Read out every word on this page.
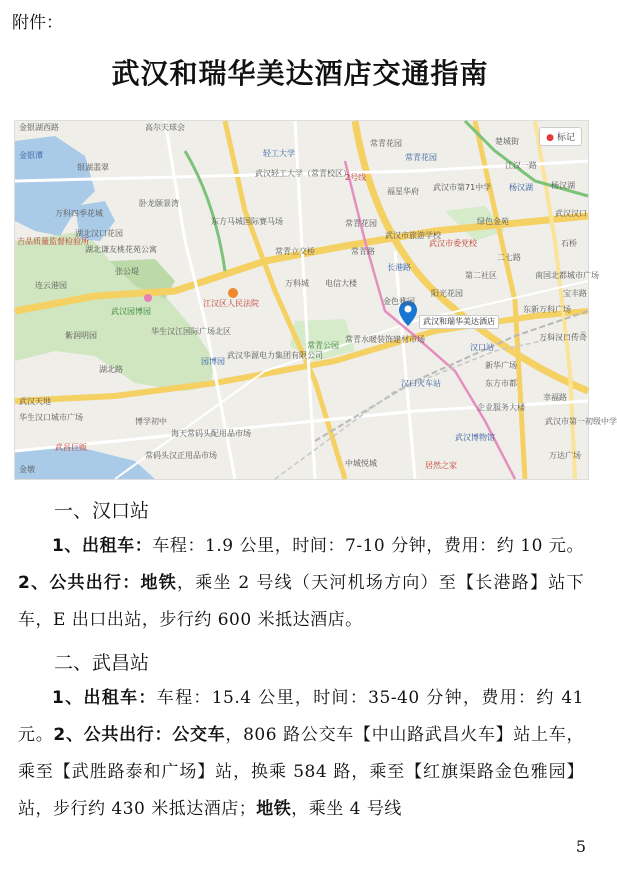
附件：
武汉和瑞华美达酒店交通指南
● 标记
金银湖西路	高尔夫球会
金银潭	轻工大学
常青花园
常青花园
楚城街
江汉一路
银湖翡翠
武汉轻工大学（常青校区）
2号线
福星华府 武汉市第71中学 杨汉湖
武汉汉口
卧龙颐景湾
万科四季花城
东方马城国际赛马场	常青花园	绿色金苑
湖北汉口花园
常青立交桥	常青路
武汉市旅游学校
武汉市委党校
二七路
吉品质量监督检验所
湖北谦友桃花苑公寓
张公堤	长港路
第二社区
石桥
万科城 电信大楼
金色雅园
阳光花园
南国北都城市广场
连云港园
武汉园博园
江汉区人民法院
东新万科广场
紫润明园	华生汉江国际广场北区
常青公园
常青水暖装饰建材市场
汉口站
万科汉口传奇
园博园
湖北路
武汉华源电力集团有限公司
新华广场
汉口火车站	东方市都
武汉天地
华生汉口城市广场	博学初中
企业服务大楼
武汉市第一初级中学
海天常码头配用品市场	武汉博物馆
武昌巨贩
常码头汉正用品市场
中城悦城	居然之家
万达广场
金墩
杨汉湖
宝丰路
幸福路
武汉和瑞华美达酒店
一、汉口站
1、出租车：车程：1.9 公里，时间：7-10 分钟，费用：约 10 元。2、公共出行：地铁，乘坐 2 号线（天河机场方向）至【长港路】站下车，E 出口出站，步行约 600 米抵达酒店。
二、武昌站
1、出租车：车程：15.4 公里，时间：35-40 分钟，费用：约 41 元。2、公共出行：公交车，806 路公交车【中山路武昌火车】站上车，乘至【武胜路泰和广场】站，换乘 584 路，乘至【红旗渠路金色雅园】站，步行约 430 米抵达酒店；地铁，乘坐 4 号线
5
